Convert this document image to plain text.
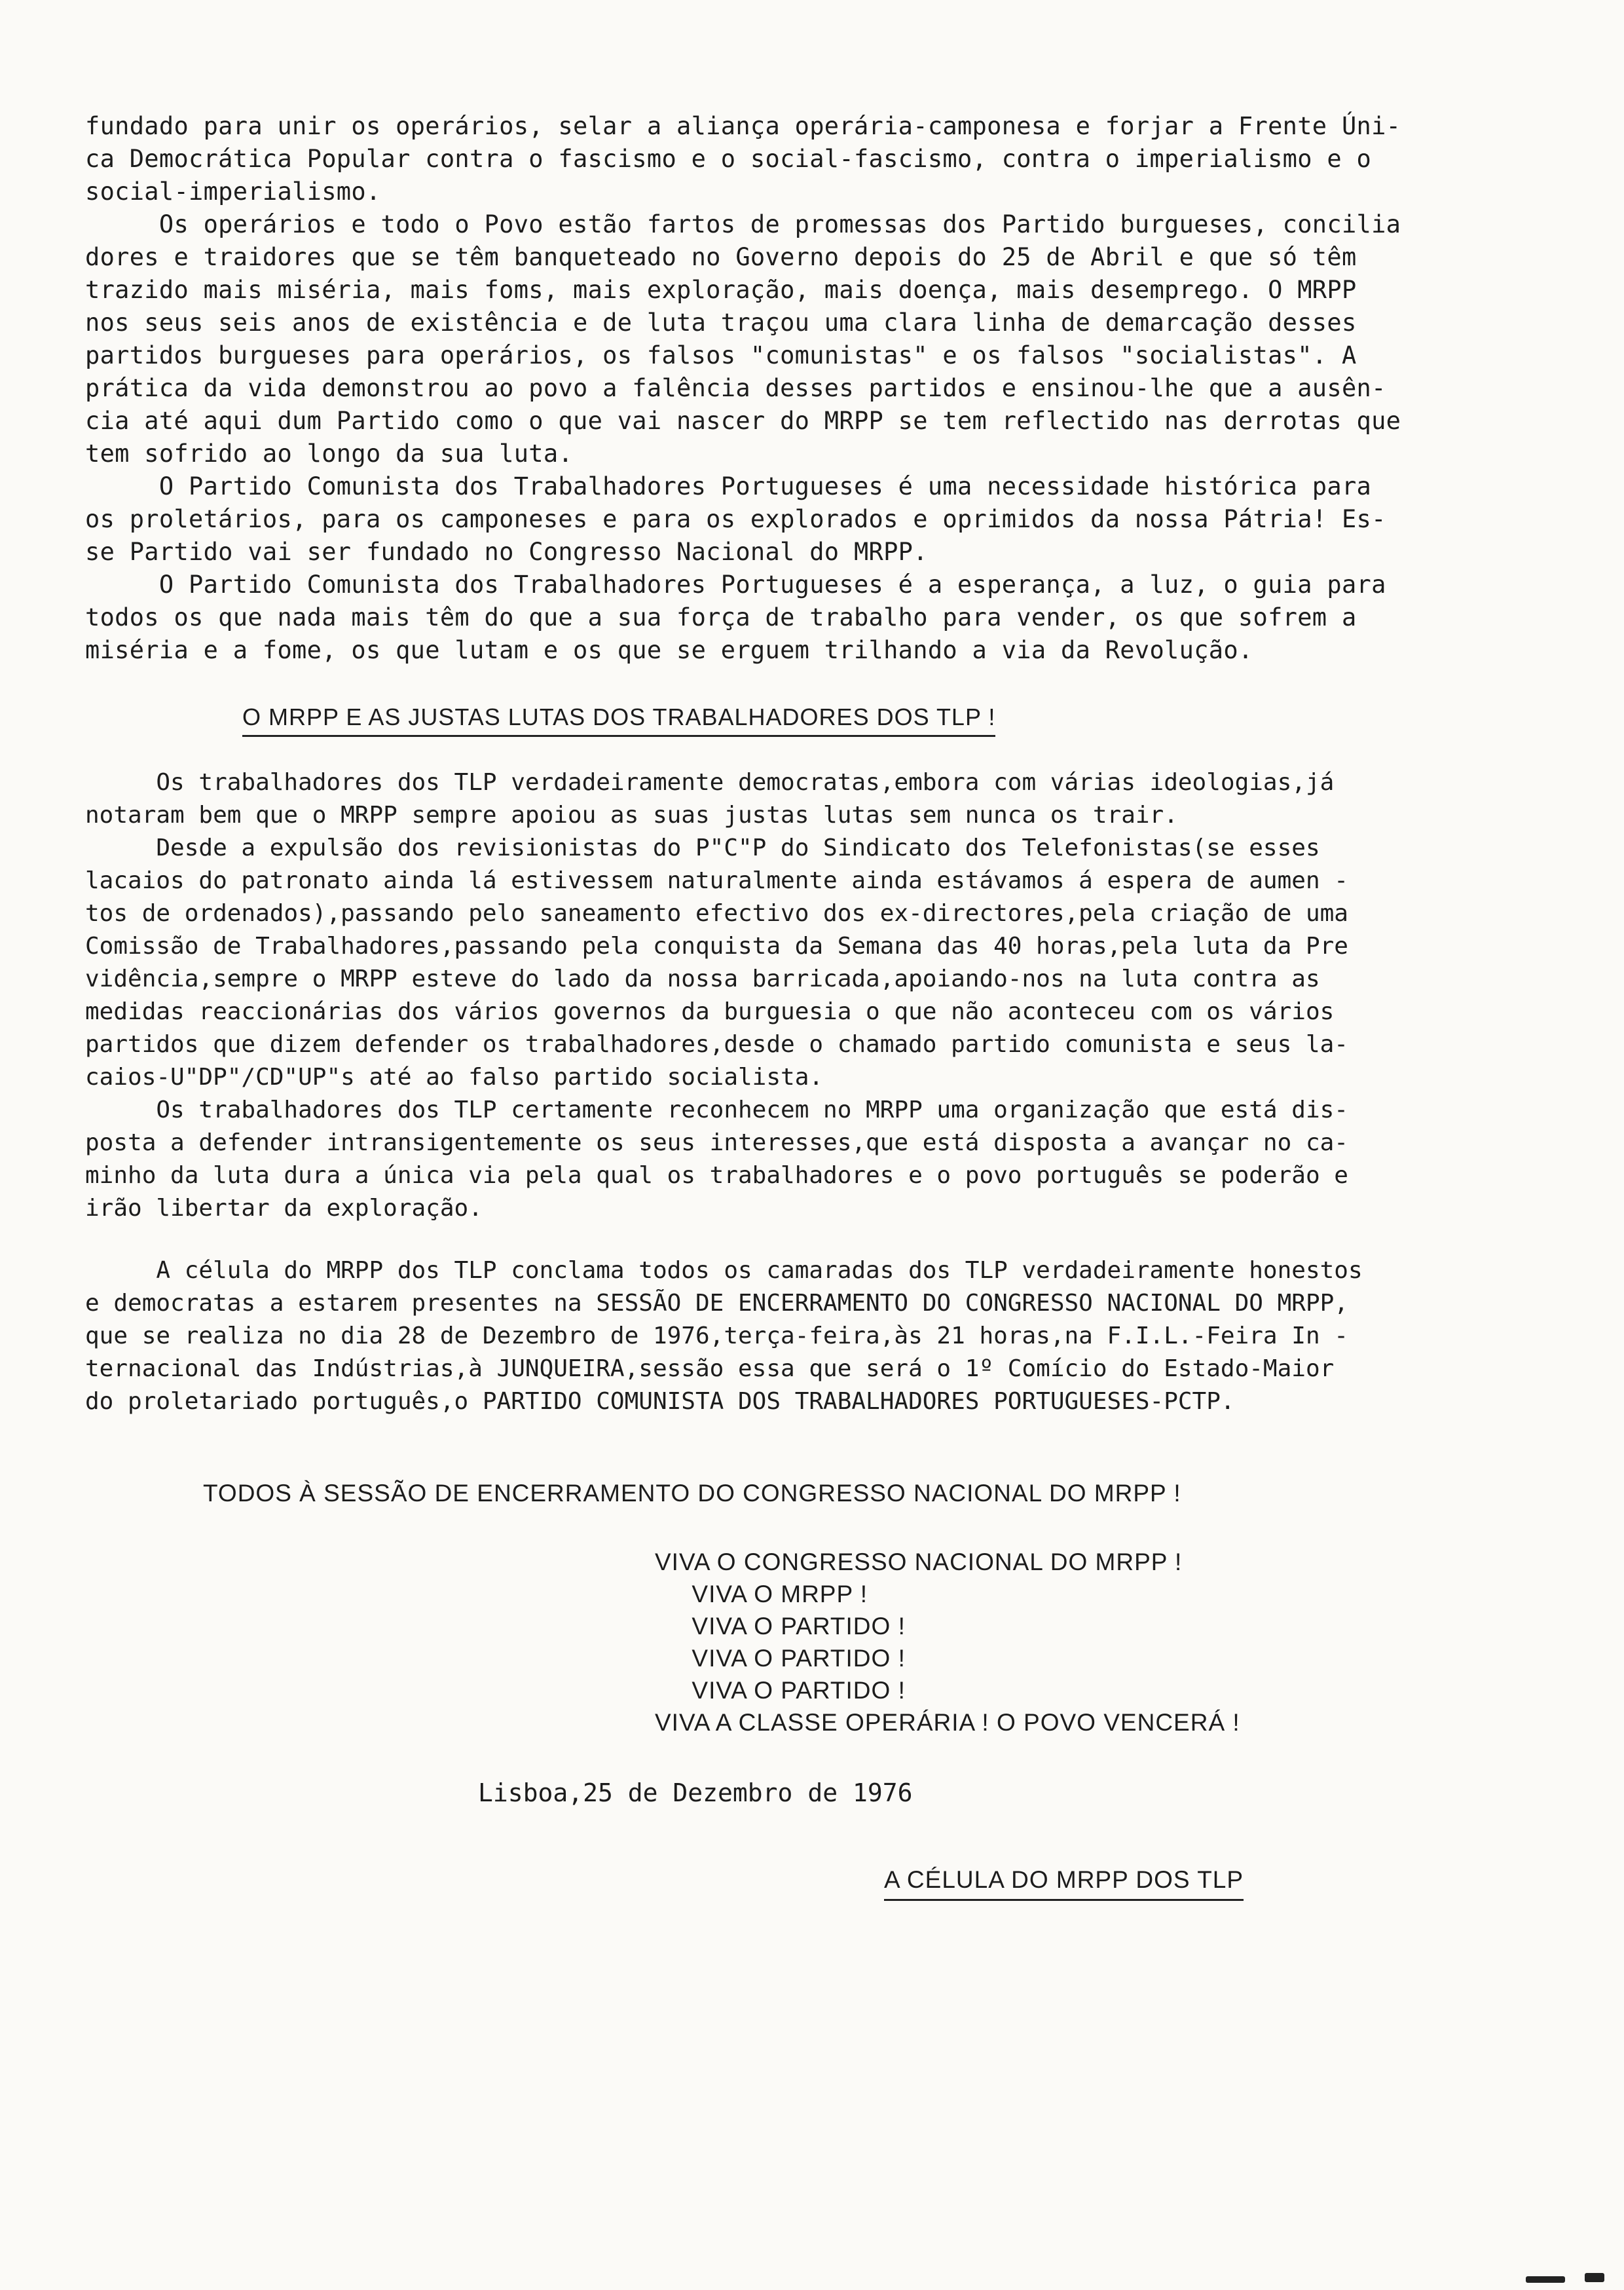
fundado para unir os operários, selar a aliança operária-camponesa e forjar a Frente Úni-
ca Democrática Popular contra o fascismo e o social-fascismo, contra o imperialismo e o
social-imperialismo.
Os operários e todo o Povo estão fartos de promessas dos Partido burgueses, concilia
dores e traidores que se têm banqueteado no Governo depois do 25 de Abril e que só têm
trazido mais miséria, mais foms, mais exploração, mais doença, mais desemprego. O MRPP
nos seus seis anos de existência e de luta traçou uma clara linha de demarcação desses
partidos burgueses para operários, os falsos "comunistas" e os falsos "socialistas". A
prática da vida demonstrou ao povo a falência desses partidos e ensinou-lhe que a ausên-
cia até aqui dum Partido como o que vai nascer do MRPP se tem reflectido nas derrotas que
tem sofrido ao longo da sua luta.
O Partido Comunista dos Trabalhadores Portugueses é uma necessidade histórica para
os proletários, para os camponeses e para os explorados e oprimidos da nossa Pátria! Es-
se Partido vai ser fundado no Congresso Nacional do MRPP.
O Partido Comunista dos Trabalhadores Portugueses é a esperança, a luz, o guia para
todos os que nada mais têm do que a sua força de trabalho para vender, os que sofrem a
miséria e a fome, os que lutam e os que se erguem trilhando a via da Revolução.
O MRPP E AS JUSTAS LUTAS DOS TRABALHADORES DOS TLP !
Os trabalhadores dos TLP verdadeiramente democratas,embora com várias ideologias,já
notaram bem que o MRPP sempre apoiou as suas justas lutas sem nunca os trair.
Desde a expulsão dos revisionistas do P"C"P do Sindicato dos Telefonistas(se esses
lacaios do patronato ainda lá estivessem naturalmente ainda estávamos á espera de aumen -
tos de ordenados),passando pelo saneamento efectivo dos ex-directores,pela criação de uma
Comissão de Trabalhadores,passando pela conquista da Semana das 40 horas,pela luta da Pre
vidência,sempre o MRPP esteve do lado da nossa barricada,apoiando-nos na luta contra as
medidas reaccionárias dos vários governos da burguesia o que não aconteceu com os vários
partidos que dizem defender os trabalhadores,desde o chamado partido comunista e seus la-
caios-U"DP"/CD"UP"s até ao falso partido socialista.
Os trabalhadores dos TLP certamente reconhecem no MRPP uma organização que está dis-
posta a defender intransigentemente os seus interesses,que está disposta a avançar no ca-
minho da luta dura a única via pela qual os trabalhadores e o povo português se poderão e
irão libertar da exploração.
A célula do MRPP dos TLP conclama todos os camaradas dos TLP verdadeiramente honestos
e democratas a estarem presentes na SESSÃO DE ENCERRAMENTO DO CONGRESSO NACIONAL DO MRPP,
que se realiza no dia 28 de Dezembro de 1976,terça-feira,às 21 horas,na F.I.L.-Feira In -
ternacional das Indústrias,à JUNQUEIRA,sessão essa que será o 1º Comício do Estado-Maior
do proletariado português,o PARTIDO COMUNISTA DOS TRABALHADORES PORTUGUESES-PCTP.
TODOS À SESSÃO DE ENCERRAMENTO DO CONGRESSO NACIONAL DO MRPP !
VIVA O CONGRESSO NACIONAL DO MRPP !
VIVA O MRPP !
VIVA O PARTIDO !
VIVA O PARTIDO !
VIVA O PARTIDO !
VIVA A CLASSE OPERÁRIA ! O POVO VENCERÁ !
Lisboa,25 de Dezembro de 1976
A CÉLULA DO MRPP DOS TLP
